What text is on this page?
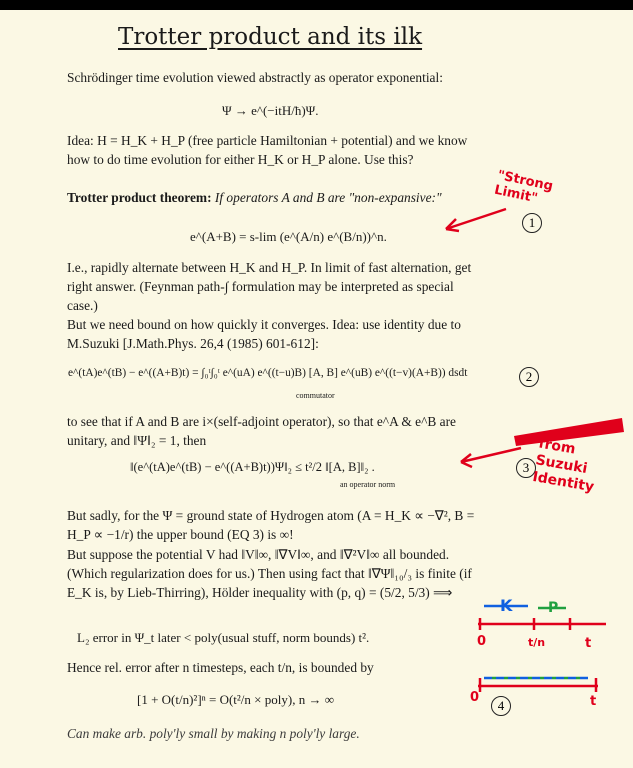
Trotter product and its ilk
Schrödinger time evolution viewed abstractly as operator exponential:
Ψ → e^(−itH/ħ)Ψ.
Idea: H = H_K + H_P (free particle Hamiltonian + potential) and we know how to do time evolution for either H_K or H_P alone. Use this?
Trotter product theorem: If operators A and B are "non-expansive:"
e^(A+B) = s-lim (e^(A/n) e^(B/n))^n.
1
I.e., rapidly alternate between H_K and H_P. In limit of fast alternation, get right answer. (Feynman path-∫ formulation may be interpreted as special case.)
But we need bound on how quickly it converges. Idea: use identity due to M.Suzuki [J.Math.Phys. 26,4 (1985) 601-612]:
e^(tA)e^(tB) − e^((A+B)t) = ∫₀ᵗ∫₀ᵗ e^(uA) e^((t−u)B) [A, B] e^(uB) e^((t−v)(A+B)) dsdt
commutator
2
to see that if A and B are i×(self-adjoint operator), so that e^A & e^B are unitary, and ‖Ψ‖₂ = 1, then
‖(e^(tA)e^(tB) − e^((A+B)t))Ψ‖₂ ≤ t²/2 ‖[A, B]‖₂ .
an operator norm
3
But sadly, for the Ψ = ground state of Hydrogen atom (A = H_K ∝ −∇², B = H_P ∝ −1/r) the upper bound (EQ 3) is ∞!
But suppose the potential V had ‖V‖∞, ‖∇V‖∞, and ‖∇²V‖∞ all bounded. (Which regularization does for us.) Then using fact that ‖∇Ψ‖₁₀/₃ is finite (if E_K is, by Lieb-Thirring), Hölder inequality with (p, q) = (5/2, 5/3) ⟹
L₂ error in Ψ_t later < poly(usual stuff, norm bounds) t².
Hence rel. error after n timesteps, each t/n, is bounded by
[1 + O(t/n)²]ⁿ = O(t²/n × poly), n → ∞	4
Can make arb. poly'ly small by making n poly'ly large.
"Strong Limit"
from Suzuki Identity
K	P
0	t/n	t
0	t
